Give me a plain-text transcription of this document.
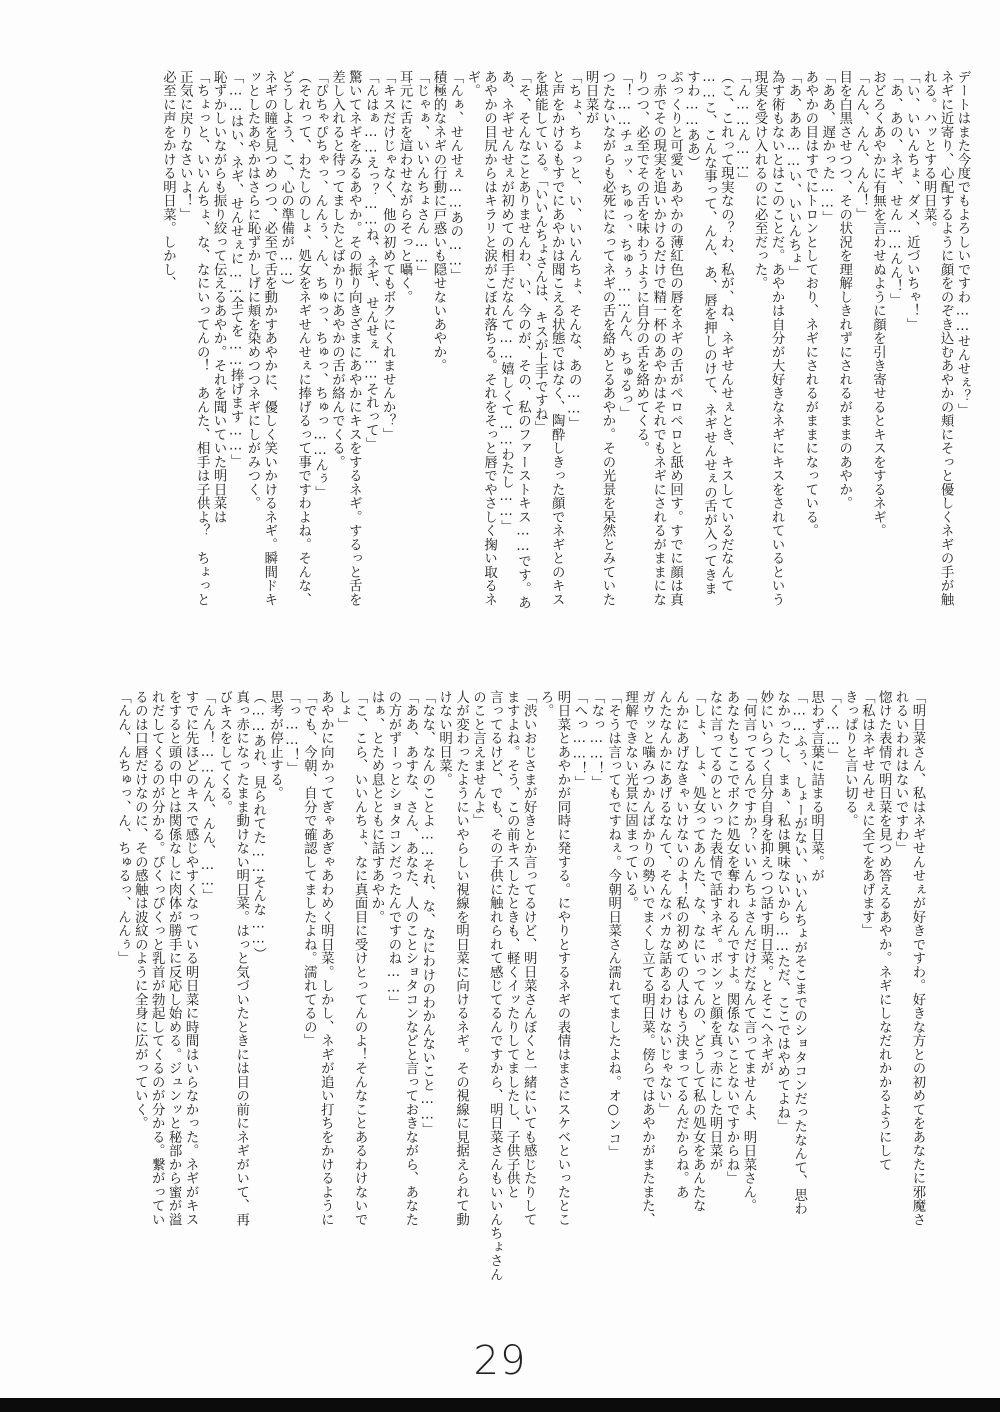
デートはまた今度でもよろしいですわ……せんせぇ？」
ネギに近寄り、心配するように顔をのぞき込むあやかの頬にそっと優しくネギの手が触
れる。ハッとする明日菜。
「い、いいんちょ、ダメ、近づいちゃ！」
「あ、あの、ネギ、せん……んん！」
おどろくあやかに有無を言わせぬように顔を引き寄せるとキスをするネギ。
「んん、んん、んん！」
目を白黒させつつ、その状況を理解しきれずにされるがままのあやか。
「ああ、遅かった……」
あやかの目はすでにトロンとしており、ネギにされるがままになっている。
「あ、ああ……い、いいんちょ」
為す術もないとはこのことだ。あやかは自分が大好きなネギにキスをされているという
現実を受け入れるのに必至だった。
「ん……ん……」
（こ、これって現実なの？わ、私が、ね、ネギせんせぇとき、キスしているだなんて
……こ、こんな事って、んん、あ、唇を押しのけて、ネギせんせぇの舌が入ってきま
すわ……ああ）
ぷっくりと可愛いあやかの薄紅色の唇をネギの舌がペロペロと舐め回す。すでに顔は真
っ赤でその現実を追いかけるだけで精一杯のあやかはそれでもネギにされるがままにな
りつつ、必至でその舌を味わうように自分の舌を絡めてくる。
「！……チュッ、ちゅっ、ちゅぅ……んん、ちゅるっ」
つたないながらも必死になってネギの舌を絡めとるあやか。その光景を呆然とみていた
明日菜が
「ちょ、ちょっと、い、いいんちょ、そんな、あの……」
と声をかけるもすでにあやかは聞こえる状態ではなく、陶酔しきった顔でネギとのキス
を堪能している。「いいんちょさんは、キスが上手ですね」
「そ、そんなことありませんわ、い、今のが、その、私のファーストキス……です。あ
あ、ネギせんせぇが初めての相手だなんて……嬉しくて……わたし……」
あやかの目尻からはキラリと涙がこぼれ落ちる。それをそっと唇でやさしく掬い取るネ
ギ。
「んぁ、せんせぇ……あの……」
積極的なネギの行動に戸惑いも隠せないあやか。
「じゃぁ、いいんちょさん……」
耳元に舌を這わせながらそっと囁く。
「キスだけじゃなく、他の初めてもボクにくれませんか？」
「んはぁ……えっ？……ね、ネギ、せんせぇ……それって」
驚いてネギをみるあやか。その振り向きざまにあやかにキスをするネギ。するっと舌を
差し入れると待ってましたとばかりにあやかの舌が絡んでくる。
「ぴちゃぴちゃっ、んんぅ、ん、ちゅっ、ちゅっ、ちゅっ……んぅ」
（それって、わたしのしょ、処女をネギせんせぇに捧げるって事ですわよね。そんな、
どうしよう、こ、心の準備が……）
ネギの瞳を見つめつつ、必至で舌を動かすあやかに、優しく笑いかけるネギ。瞬間ドキ
ッとしたあやかはさらに恥ずかしげに頬を染めつつネギにしがみつく。
「……はい、ネギ、せんせぇに……全てを……捧げます……」
恥ずかしいながらも振り絞って伝えるあやか。それを聞いていた明日菜は
「ちょっと、いいんちょ、な、なにいってんの！　あんた、相手は子供よ？　ちょっと
正気に戻りなさいよ！」
必至に声をかける明日菜。しかし、
「明日菜さん、私はネギせんせぇが好きですわ。好きな方との初めてをあなたに邪魔さ
れるいわれはないですわ」
惚けた表情で明日菜を見つめ答えるあやか。ネギにしなだれかかるようにして
「私はネギせんせぇに全てをあげます」
きっぱりと言い切る。
「く……」
思わず言葉に詰まる明日菜。が
「……ふぅ、しょーがない、いいんちょがそこまでのショタコンだったなんて、思わ
なかったし、まぁ、私は興味ないから……ただ、ここではやめてよね」
妙にいらつく自分自身を抑えつつ話す明日菜。とそこへネギが
「何言ってるんですか？いいんちょさんだけだなんて言ってませんよ、明日菜さん。
あなたもここでボクに処女を奪われるんですよ。関係ないことないですからね」
なに言ってるのといった表情で話すネギ。ボンッと顔を真っ赤にした明日菜が
「しょ、しょ、処女ってあんた、な、なにいってんの、どうして私の処女をあんたな
んかにあげなきゃいけないのよ！私の初めての人はもう決まってるんだからね。あ
んたなんかにあげるなんて、そんなバカな話あるわけないじゃない」
ガウッと噛みつかんばかりの勢いでまくし立てる明日菜。傍らではあやかがまたまた、
理解できない光景に固まっている。
「そうは言ってもですねぇ。今朝明日菜さん濡れてましたよね。オ○ンコ」
「なっ……！」
「へっ……！」
明日菜とあやかが同時に発する。にやりとするネギの表情はまさにスケベといったとこ
ろ。
「渋いおじさまが好きとか言ってるけど、明日菜さんぼくと一緒にいても感じたりして
ますよね。そう、この前キスしたときも、軽くイッたりしてましたし、子供子供と
言ってるけど、でも、その子供に触れられて感じてるんですから、明日菜さんもいいんちょさん
のこと言えませんよ」
人が変わったようにいやらしい視線を明日菜に向けるネギ。その視線に見据えられて動
けない明日菜。
「なな、なんのことよ……それ、な、なにわけのわかんないこと……」
「ああ、あすな、さん、あなた、人のことショタコンなどと言っておきながら、あなた
の方がずーっとショタコンだったんですのね……」
はぁ、とため息とともに話すあやか。
「こ、こら、いいんちょ、なに真面目に受けとってんのよ！そんなことあるわけないで
しょ」
あやかに向かってぎゃあぎゃあわめく明日菜。しかし、ネギが追い打ちをかけるように
「でも、今朝、自分で確認してましたよね。濡れてるの」
「っ……！」
思考が停止する。
（……あれ、見られてた……そんな……）
真っ赤になったまま動けない明日菜。はっと気づいたときには目の前にネギがいて、再
びキスをしてくる。
「んん！……んん、んん、……」
すでに先ほどのキスで感じやすくなっている明日菜に時間はいらなかった。ネギがキス
をすると頭の中とは関係なしに肉体が勝手に反応し始める。ジュンッと秘部から蜜が溢
れだしてくるのが分かる。ぴくっぴくっと乳首が勃起してくるのが分かる。繋がってい
るのは口唇だけなのに、その感触は波紋のように全身に広がっていく。
「んん、んちゅっ、ん、ちゅるっ、んんぅ」
29
